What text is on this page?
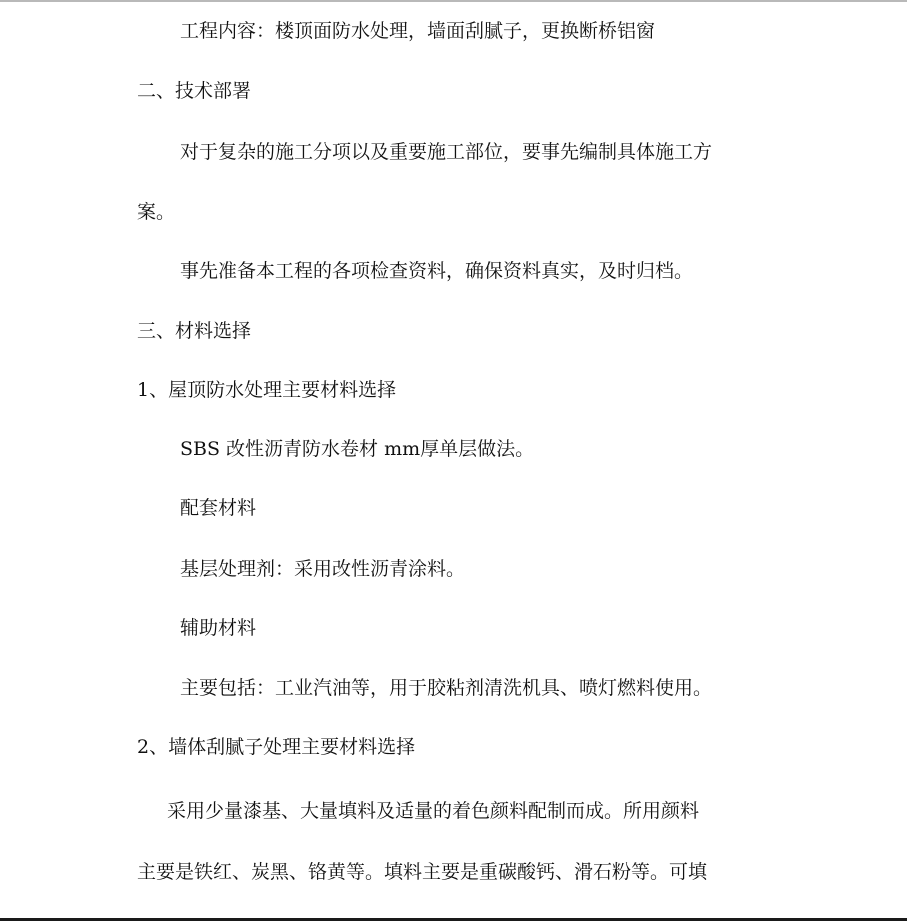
工程内容：楼顶面防水处理，墙面刮腻子，更换断桥铝窗

二、技术部署

对于复杂的施工分项以及重要施工部位，要事先编制具体施工方

案。

事先准备本工程的各项检查资料，确保资料真实，及时归档。

三、材料选择

1、屋顶防水处理主要材料选择

SBS 改性沥青防水卷材 mm厚单层做法。

配套材料

基层处理剂：采用改性沥青涂料。

辅助材料

主要包括：工业汽油等，用于胶粘剂清洗机具、喷灯燃料使用。

2、墙体刮腻子处理主要材料选择

采用少量漆基、大量填料及适量的着色颜料配制而成。所用颜料

主要是铁红、炭黑、铬黄等。填料主要是重碳酸钙、滑石粉等。可填
